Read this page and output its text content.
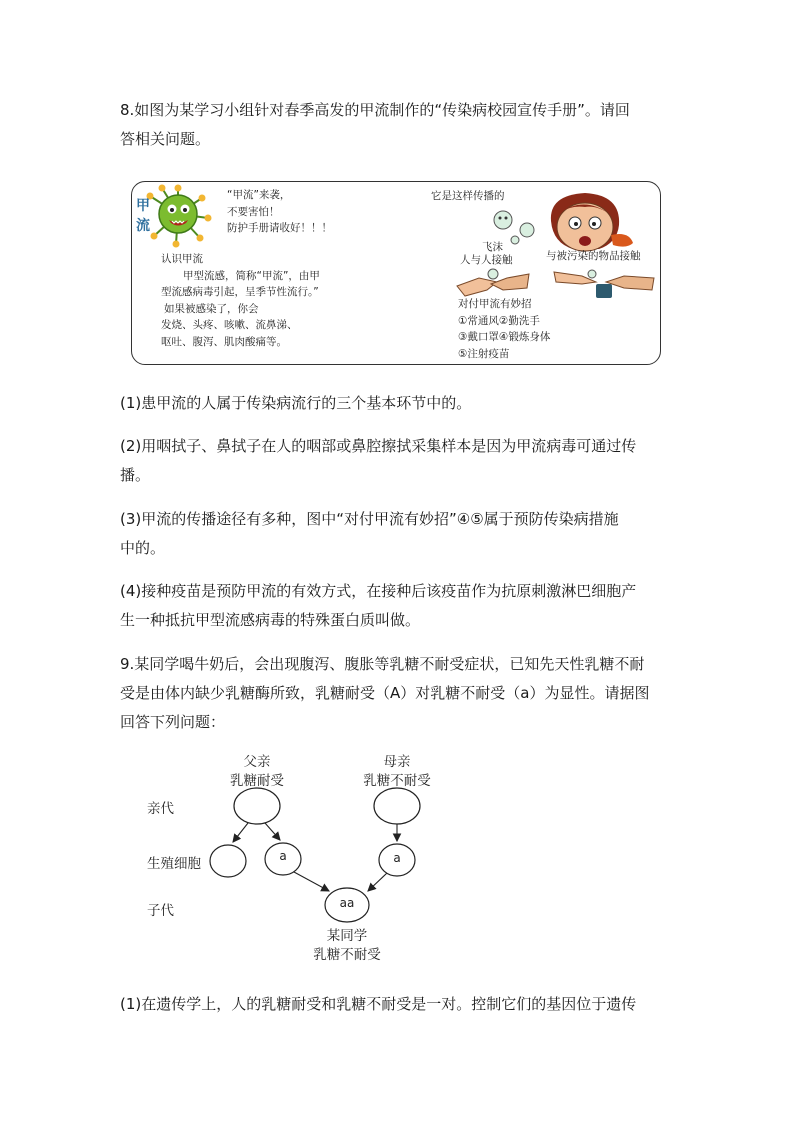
8.如图为某学习小组针对春季高发的甲流制作的“传染病校园宣传手册”。请回
答相关问题。
甲流
“甲流”来袭，
不要害怕！
防护手册请收好！！！
认识甲流
甲型流感，简称“甲流”，由甲
型流感病毒引起，呈季节性流行。”
如果被感染了，你会
发烧、头疼、咳嗽、流鼻涕、
呕吐、腹泻、肌肉酸痛等。
它是这样传播的
飞沫
人与人接触	与被污染的物品接触
对付甲流有妙招
①常通风②勤洗手
③戴口罩④锻炼身体
⑤注射疫苗
(1)患甲流的人属于传染病流行的三个基本环节中的。
(2)用咽拭子、鼻拭子在人的咽部或鼻腔擦拭采集样本是因为甲流病毒可通过传
播。
(3)甲流的传播途径有多种，图中“对付甲流有妙招”④⑤属于预防传染病措施
中的。
(4)接种疫苗是预防甲流的有效方式，在接种后该疫苗作为抗原刺激淋巴细胞产
生一种抵抗甲型流感病毒的特殊蛋白质叫做。
9.某同学喝牛奶后，会出现腹泻、腹胀等乳糖不耐受症状，已知先天性乳糖不耐
受是由体内缺少乳糖酶所致，乳糖耐受（A）对乳糖不耐受（a）为显性。请据图
回答下列问题：
父亲
乳糖耐受
母亲
乳糖不耐受
亲代
生殖细胞
子代
a	a
aa
某同学
乳糖不耐受
(1)在遗传学上，人的乳糖耐受和乳糖不耐受是一对。控制它们的基因位于遗传
